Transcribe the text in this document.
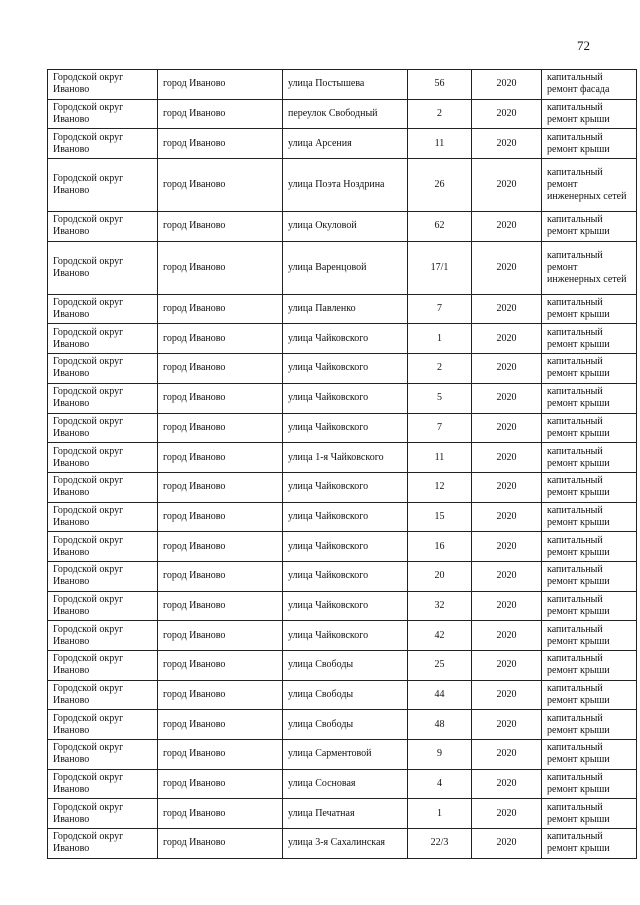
72
Городской округ Иваново	город Иваново	улица Постышева	56	2020	капитальный ремонт фасада
Городской округ Иваново	город Иваново	переулок Свободный	2	2020	капитальный ремонт крыши
Городской округ Иваново	город Иваново	улица Арсения	11	2020	капитальный ремонт крыши
Городской округ Иваново	город Иваново	улица Поэта Ноздрина	26	2020	капитальный ремонт инженерных сетей
Городской округ Иваново	город Иваново	улица Окуловой	62	2020	капитальный ремонт крыши
Городской округ Иваново	город Иваново	улица Варенцовой	17/1	2020	капитальный ремонт инженерных сетей
Городской округ Иваново	город Иваново	улица Павленко	7	2020	капитальный ремонт крыши
Городской округ Иваново	город Иваново	улица Чайковского	1	2020	капитальный ремонт крыши
Городской округ Иваново	город Иваново	улица Чайковского	2	2020	капитальный ремонт крыши
Городской округ Иваново	город Иваново	улица Чайковского	5	2020	капитальный ремонт крыши
Городской округ Иваново	город Иваново	улица Чайковского	7	2020	капитальный ремонт крыши
Городской округ Иваново	город Иваново	улица 1-я Чайковского	11	2020	капитальный ремонт крыши
Городской округ Иваново	город Иваново	улица Чайковского	12	2020	капитальный ремонт крыши
Городской округ Иваново	город Иваново	улица Чайковского	15	2020	капитальный ремонт крыши
Городской округ Иваново	город Иваново	улица Чайковского	16	2020	капитальный ремонт крыши
Городской округ Иваново	город Иваново	улица Чайковского	20	2020	капитальный ремонт крыши
Городской округ Иваново	город Иваново	улица Чайковского	32	2020	капитальный ремонт крыши
Городской округ Иваново	город Иваново	улица Чайковского	42	2020	капитальный ремонт крыши
Городской округ Иваново	город Иваново	улица Свободы	25	2020	капитальный ремонт крыши
Городской округ Иваново	город Иваново	улица Свободы	44	2020	капитальный ремонт крыши
Городской округ Иваново	город Иваново	улица Свободы	48	2020	капитальный ремонт крыши
Городской округ Иваново	город Иваново	улица Сарментовой	9	2020	капитальный ремонт крыши
Городской округ Иваново	город Иваново	улица Сосновая	4	2020	капитальный ремонт крыши
Городской округ Иваново	город Иваново	улица Печатная	1	2020	капитальный ремонт крыши
Городской округ Иваново	город Иваново	улица 3-я Сахалинская	22/3	2020	капитальный ремонт крыши
